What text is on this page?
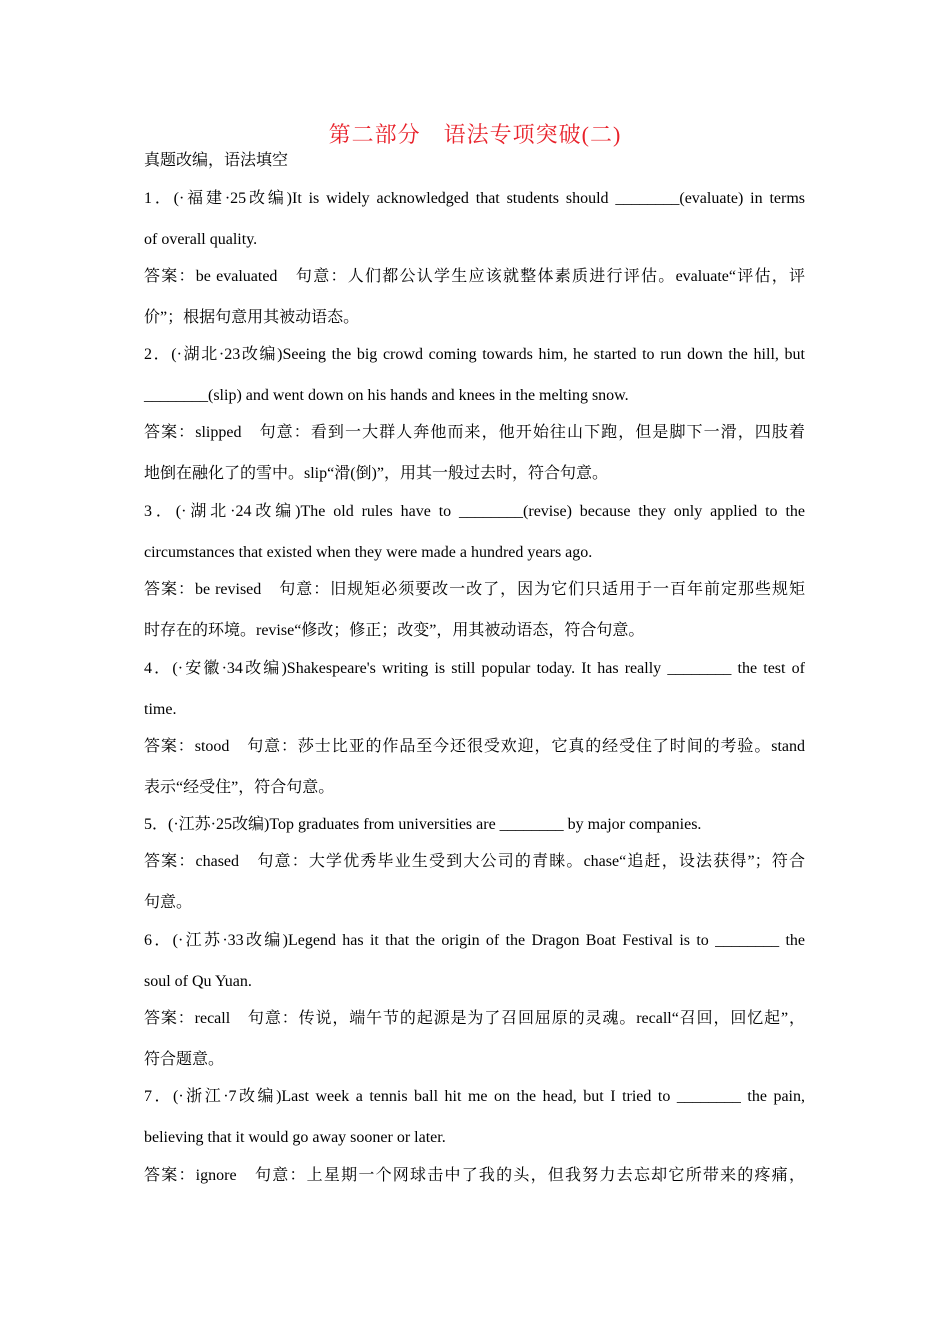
第二部分　语法专项突破(二)
真题改编，语法填空
1．(·福建·25改编)It is widely acknowledged that students should ________(evaluate) in terms
of overall quality.
答案：be evaluated　句意：人们都公认学生应该就整体素质进行评估。evaluate“评估，评
价”；根据句意用其被动语态。
2．(·湖北·23改编)Seeing the big crowd coming towards him, he started to run down the hill, but
________(slip) and went down on his hands and knees in the melting snow.
答案：slipped　句意：看到一大群人奔他而来，他开始往山下跑，但是脚下一滑，四肢着
地倒在融化了的雪中。slip“滑(倒)”，用其一般过去时，符合句意。
3．(·湖北·24改编)The old rules have to ________(revise) because they only applied to the
circumstances that existed when they were made a hundred years ago.
答案：be revised　句意：旧规矩必须要改一改了，因为它们只适用于一百年前定那些规矩
时存在的环境。revise“修改；修正；改变”，用其被动语态，符合句意。
4．(·安徽·34改编)Shakespeare's writing is still popular today. It has really ________ the test of
time.
答案：stood　句意：莎士比亚的作品至今还很受欢迎，它真的经受住了时间的考验。stand
表示“经受住”，符合句意。
5．(·江苏·25改编)Top graduates from universities are ________ by major companies.
答案：chased　句意：大学优秀毕业生受到大公司的青睐。chase“追赶，设法获得”；符合
句意。
6．(·江苏·33改编)Legend has it that the origin of the Dragon Boat Festival is to ________ the
soul of Qu Yuan.
答案：recall　句意：传说，端午节的起源是为了召回屈原的灵魂。recall“召回，回忆起”，
符合题意。
7．(·浙江·7改编)Last week a tennis ball hit me on the head, but I tried to ________ the pain,
believing that it would go away sooner or later.
答案：ignore　句意：上星期一个网球击中了我的头，但我努力去忘却它所带来的疼痛，
